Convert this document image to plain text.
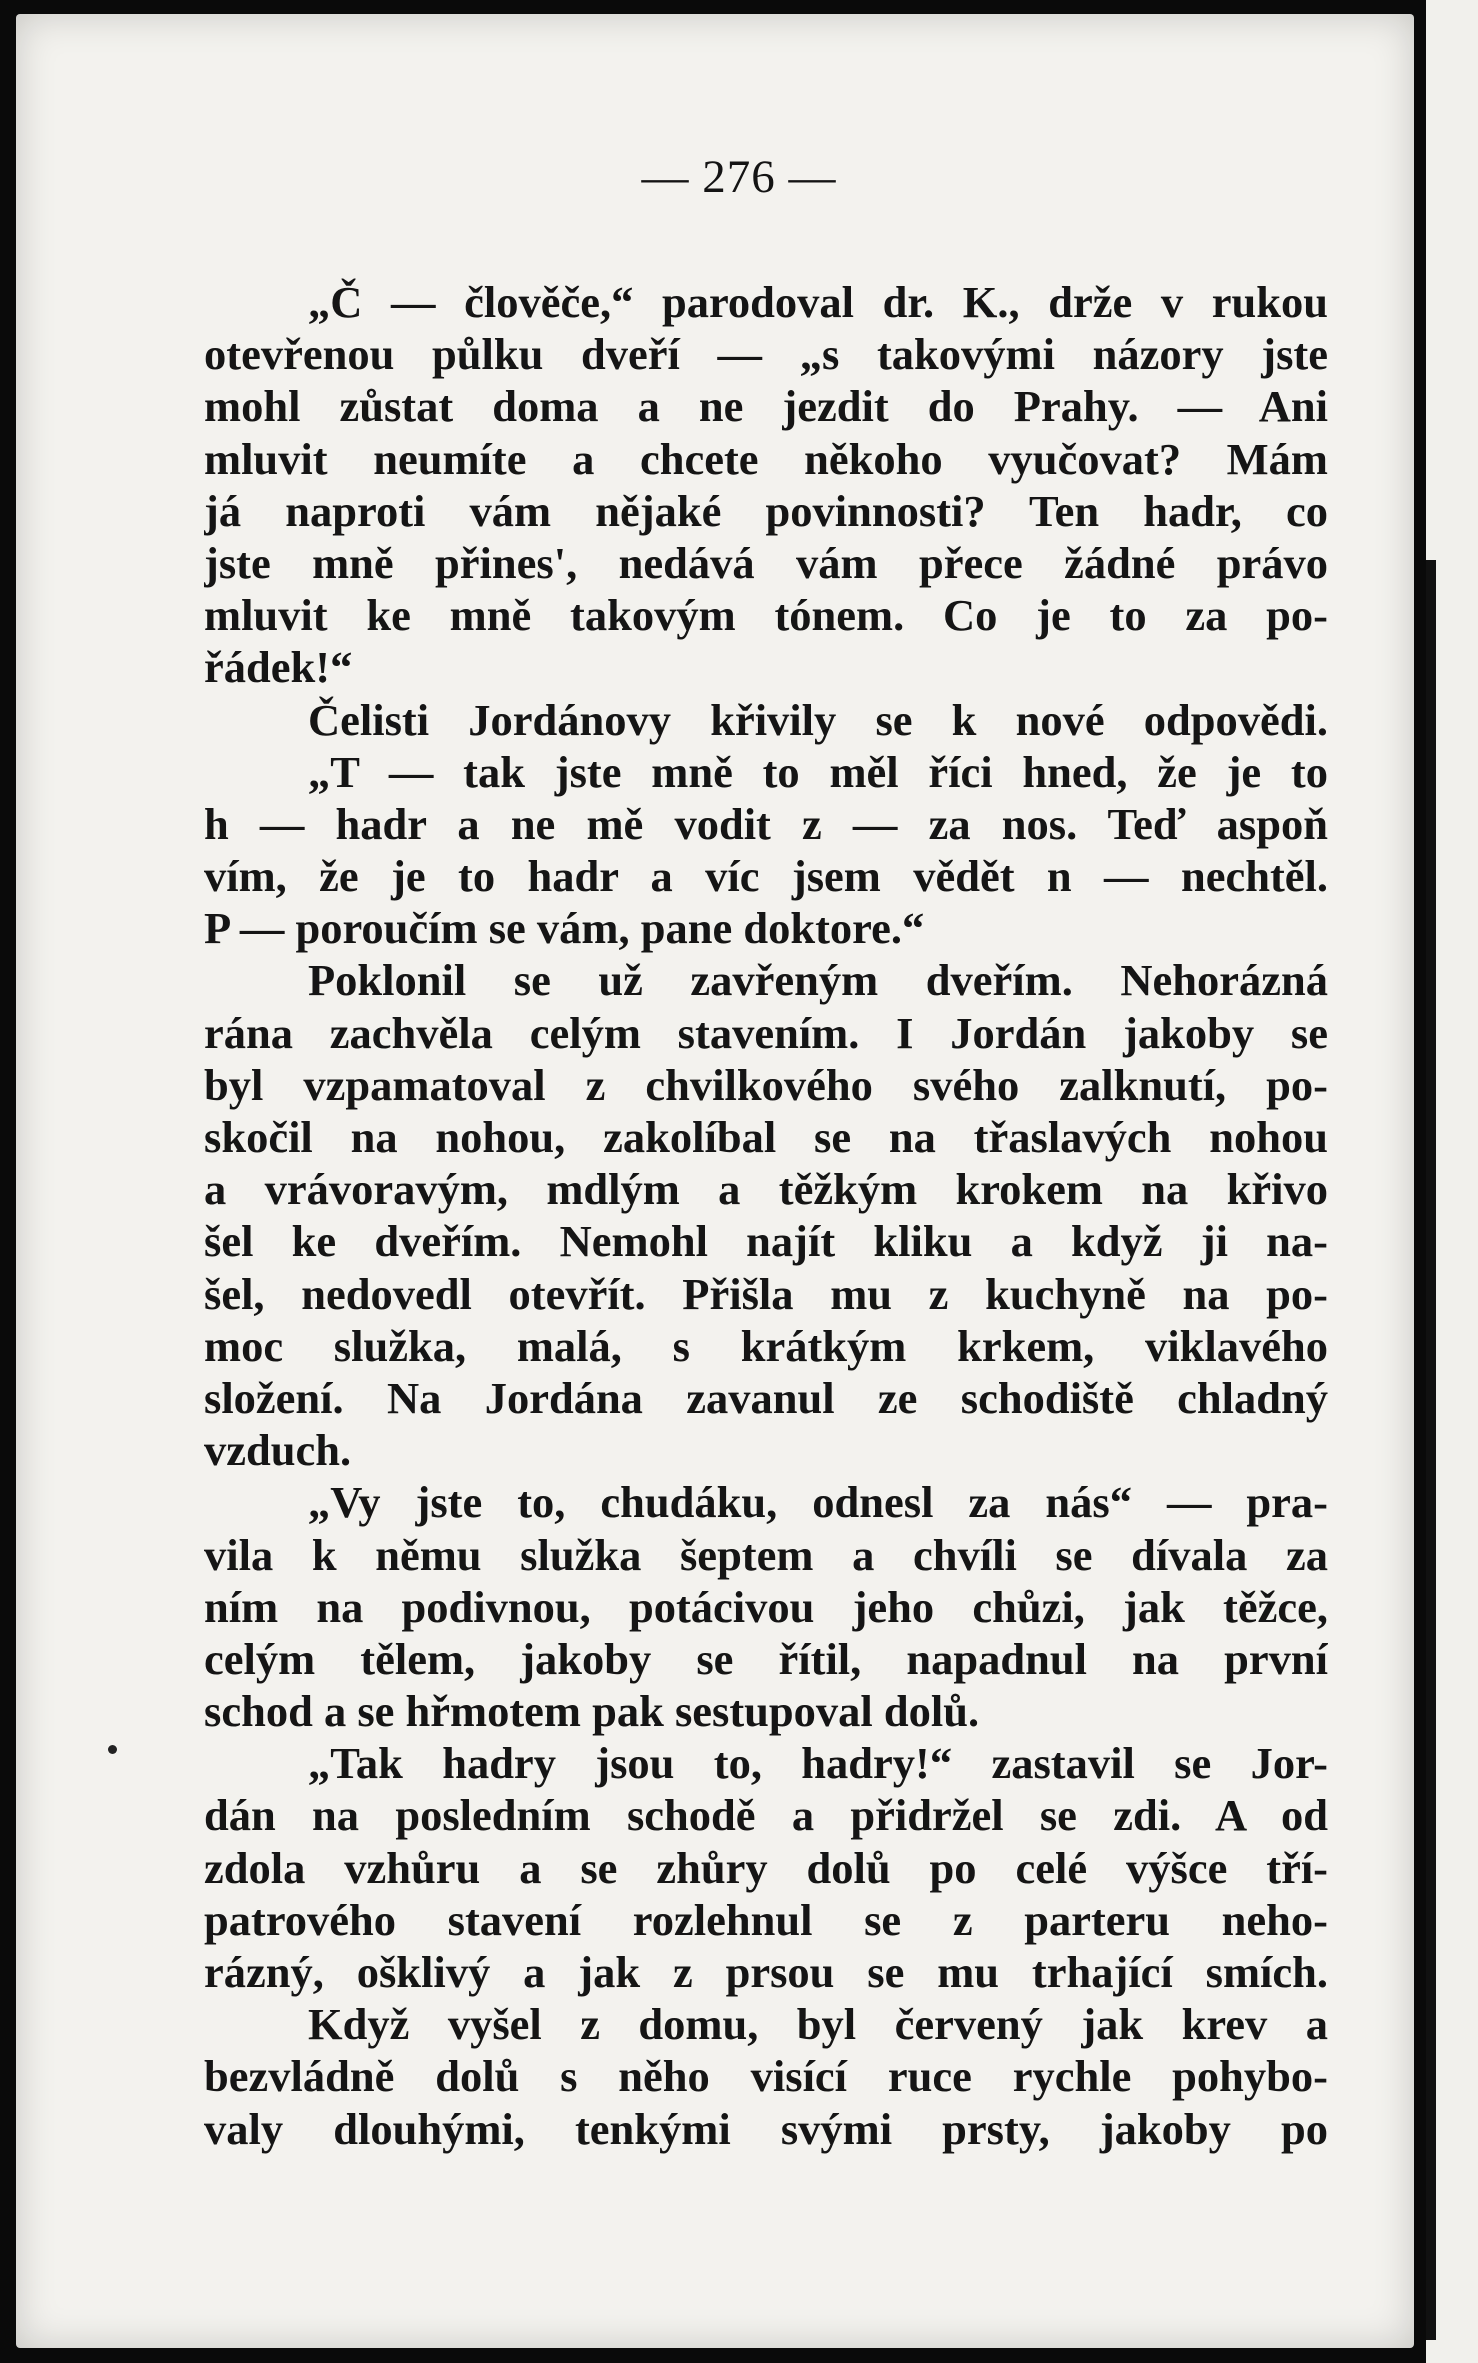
— 276 —
„Č — člověče,“ parodoval dr. K., drže v rukou
otevřenou půlku dveří — „s takovými názory jste
mohl zůstat doma a ne jezdit do Prahy. — Ani
mluvit neumíte a chcete někoho vyučovat? Mám
já naproti vám nějaké povinnosti? Ten hadr, co
jste mně přines', nedává vám přece žádné právo
mluvit ke mně takovým tónem. Co je to za po-
řádek!“
Čelisti Jordánovy křivily se k nové odpovědi.
„T — tak jste mně to měl říci hned, že je to
h — hadr a ne mě vodit z — za nos. Teď aspoň
vím, že je to hadr a víc jsem vědět n — nechtěl.
P — poroučím se vám, pane doktore.“
Poklonil se už zavřeným dveřím. Nehorázná
rána zachvěla celým stavením. I Jordán jakoby se
byl vzpamatoval z chvilkového svého zalknutí, po-
skočil na nohou, zakolíbal se na třaslavých nohou
a vrávoravým, mdlým a těžkým krokem na křivo
šel ke dveřím. Nemohl najít kliku a když ji na-
šel, nedovedl otevřít. Přišla mu z kuchyně na po-
moc služka, malá, s krátkým krkem, viklavého
složení. Na Jordána zavanul ze schodiště chladný
vzduch.
„Vy jste to, chudáku, odnesl za nás“ — pra-
vila k němu služka šeptem a chvíli se dívala za
ním na podivnou, potácivou jeho chůzi, jak těžce,
celým tělem, jakoby se řítil, napadnul na první
schod a se hřmotem pak sestupoval dolů.
„Tak hadry jsou to, hadry!“ zastavil se Jor-
dán na posledním schodě a přidržel se zdi. A od
zdola vzhůru a se zhůry dolů po celé výšce tří-
patrového stavení rozlehnul se z parteru neho-
rázný, ošklivý a jak z prsou se mu trhající smích.
Když vyšel z domu, byl červený jak krev a
bezvládně dolů s něho visící ruce rychle pohybo-
valy dlouhými, tenkými svými prsty, jakoby po
